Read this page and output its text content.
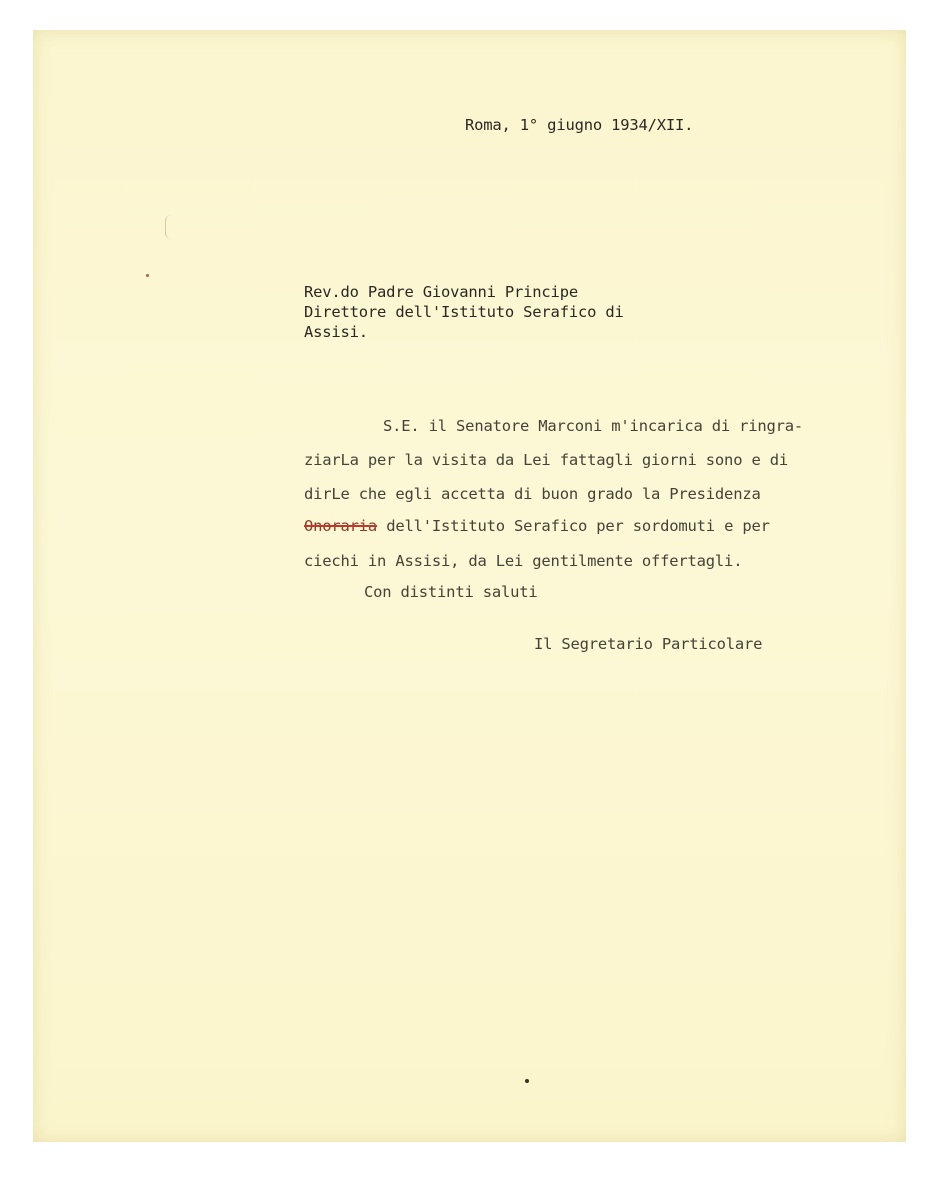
Roma, 1° giugno 1934/XII.
Rev.do Padre Giovanni Principe
Direttore dell'Istituto Serafico di
Assisi.
S.E. il Senatore Marconi m'incarica di ringra-
ziarLa per la visita da Lei fattagli giorni sono e di
dirLe che egli accetta di buon grado la Presidenza
Onoraria dell'Istituto Serafico per sordomuti e per
ciechi in Assisi, da Lei gentilmente offertagli.
Con distinti saluti
Il Segretario Particolare
